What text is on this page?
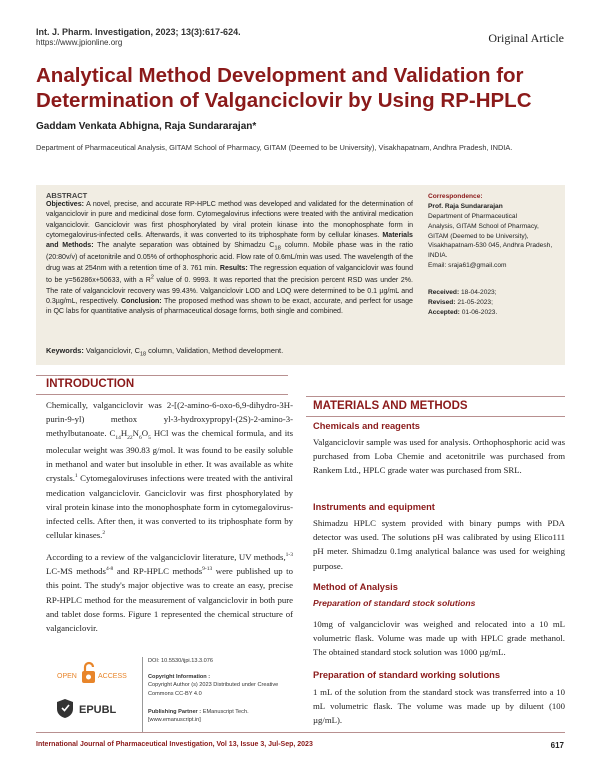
Int. J. Pharm. Investigation, 2023; 13(3):617-624.
https://www.jpionline.org	Original Article
Analytical Method Development and Validation for Determination of Valganciclovir by Using RP-HPLC
Gaddam Venkata Abhigna, Raja Sundararajan*
Department of Pharmaceutical Analysis, GITAM School of Pharmacy, GITAM (Deemed to be University), Visakhapatnam, Andhra Pradesh, INDIA.
ABSTRACT
Objectives: A novel, precise, and accurate RP-HPLC method was developed and validated for the determination of valganciclovir in pure and medicinal dose form. Cytomegalovirus infections were treated with the antiviral medication valganciclovir. Ganciclovir was first phosphorylated by viral protein kinase into the monophosphate form in cytomegalovirus-infected cells. Afterwards, it was converted to its triphosphate form by cellular kinases. Materials and Methods: The analyte separation was obtained by Shimadzu $C_{18}$ column. Mobile phase was in the ratio (20:80v/v) of acetonitrile and 0.05% of orthophosphoric acid. Flow rate of 0.6mL/min was used. The wavelength of the drug was at 254nm with a retention time of 3. 761 min. Results: The regression equation of valganciclovir was found to be y=56286x+50633, with a $R^2$ value of 0. 9993. It was reported that the precision percent RSD was under 2%. The rate of valganciclovir recovery was 99.43%. Valganciclovir LOD and LOQ were determined to be 0.1 µg/mL and 0.3µg/mL, respectively. Conclusion: The proposed method was shown to be exact, accurate, and perfect for usage in QC labs for quantitative analysis of pharmaceutical dosage forms, both single and combined.
Keywords: Valganciclovir, $C_{18}$ column, Validation, Method development.
Correspondence:
Prof. Raja Sundararajan
Department of Pharmaceutical
Analysis, GITAM School of Pharmacy,
GITAM (Deemed to be University),
Visakhapatnam-530 045, Andhra Pradesh,
INDIA.
Email: sraja61@gmail.com
Received: 18-04-2023;
Revised: 21-05-2023;
Accepted: 01-06-2023.
INTRODUCTION
Chemically, valganciclovir was 2-[(2-amino-6-oxo-6,9-dihydro-3H-purin-9-yl) methox yl-3-hydroxypropyl-(2S)-2-amino-3-methylbutanoate. $C_{14}H_{22}N_6O_5$ HCl was the chemical formula, and its molecular weight was 390.83 g/mol. It was found to be easily soluble in methanol and water but insoluble in ether. It was available as white crystals.$^1$ Cytomegaloviruses infections were treated with the antiviral medication valganciclovir. Ganciclovir was first phosphorylated by viral protein kinase into the monophosphate form in cytomegalovirus-infected cells. After then, it was converted to its triphosphate form by cellular kinases.$^2$
According to a review of the valganciclovir literature, UV methods,$^{1-3}$ LC-MS methods$^{4-8}$ and RP-HPLC methods$^{9-13}$ were published up to this point. The study's major objective was to create an easy, precise RP-HPLC method for the measurement of valganciclovir in both pure and tablet dose forms. Figure 1 represented the chemical structure of valganciclovir.
OPEN	ACCESS
EPUBL
DOI: 10.5530/ijpi.13.3.076
Copyright Information :
Copyright Author (s) 2023 Distributed under Creative Commons CC-BY 4.0
Publishing Partner : EManuscript Tech. [www.emanuscript.in]
MATERIALS AND METHODS
Chemicals and reagents
Valganciclovir sample was used for analysis. Orthophosphoric acid was purchased from Loba Chemie and acetonitrile was purchased from Rankem Ltd., HPLC grade water was purchased from SRL.
Instruments and equipment
Shimadzu HPLC system provided with binary pumps with PDA detector was used. The solutions pH was calibrated by using Elico111 pH meter. Shimadzu 0.1mg analytical balance was used for weighing purpose.
Method of Analysis
Preparation of standard stock solutions
10mg of valganciclovir was weighed and relocated into a 10 mL volumetric flask. Volume was made up with HPLC grade methanol. The obtained standard stock solution was 1000 µg/mL.
Preparation of standard working solutions
1 mL of the solution from the standard stock was transferred into a 10 mL volumetric flask. The volume was made up by diluent (100 µg/mL).
International Journal of Pharmaceutical Investigation, Vol 13, Issue 3, Jul-Sep, 2023	617
